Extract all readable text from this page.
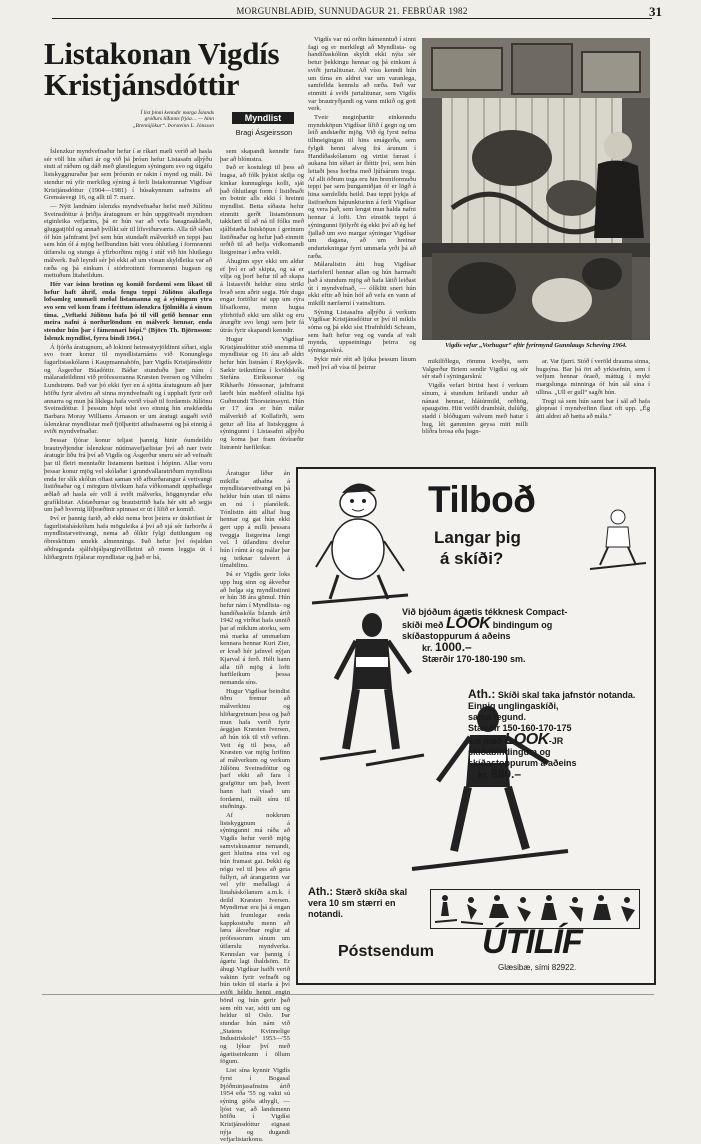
MORGUNBLAÐIÐ, SUNNUDAGUR 21. FEBRÚAR 1982	31
Listakonan Vigdís Kristjánsdóttir
Í list þinni kenndir marga Íslands gróðurs liðanns frjóa… — hinn „Brennijökur“. Þorsteinn L. Jónsson
Myndlist
Bragi Ásgeirsson

Íslenzkur myndvefnaður hefur í æ ríkari mæli verið að hasla sér völl hin síðari ár og við þá þróun hefur Listasafn alþýðu stutt af ráðum og dáð með glæsilegum sýningum svo og útgáfu listskyggnuraðar þar sem þróunin er rakin í mynd og máli. Þá stendur nú yfir merkileg sýning á ferli listakonunnar Vigdísar Kristjánsdóttur (1904—1981) í húsakynnum safnsins að Grensásvegi 16, og allt til 7. marz.

— Nýtt landnám íslenzks myndvefnaðar hefst með Júlíönu Sveinsdóttur á þriðja áratugnum er hún uppgötvaði myndræn eiginleika vefjarins, þá er hún var að vefa bæagnaáklæði, gluggatjöld og annað þvílíkt sér til lífsviðurværis. Alla tíð síðan óf hún jafnframt því sem hún stundaði málverkið en teppi þau sem hún óf á mjög heflbundinn hátt voru óhlutlæg í formrænni útfærslu og stungu á yfirborðinu mjög í stúf við hin hlutlægu málverk. Það leyndi sér þó ekki að um vissan skyldleika var að ræða og þá einkum í stórbrotinni formrænni hugsun og mettuðum litaheildum.

Hér var ísinn brotinn og komið fordæmi sem líkast til hefur haft áhrif, enda fengu teppi Júlíönu ákaflega lofsamleg ummæli meðal listamanna og á sýningum ytra svo sem vel kom fram í fréttum íslenzkra fjölmiðla á sínum tíma. „Veftæki Júlíönu hafa þó til vill getið hennar enn meira nafni á norðurlöndum en málverk hennar, enda stendur hún þar í fámennari hópi.“ (Björn Th. Björnsson: Íslenzk myndlist, fyrra bindi 1964.)

Á fjórða áratugnum, að lokinni heimsstyrjöldinni síðari, sigla svo tvær konur til myndlistarnáms við Konunglega fagurlistaskólann í Kaupmannahöfn, þær Vigdís Kristjánsdóttir og Ásgerður Búadóttir. Báðar stunduðu þær nám í málaradeildinni við prófessoranna Kræsten Iversen og Vilhelm Lundstrøm. Það var þó ekki fyrr en á sjötta áratugnum að þær höfðu fyrir alvöru að sinna myndvefnaði og í upphafi fyrir orð annarra og mun þá líklega hafa verið vísað til fordæmis Júlíönu Sveinsdóttur. Í þessum hópi telst svo einnig hin enskfædda Barbara Moray Williams Árnason er um áratugi augaði svið íslenzkrar myndlistar með fjölþættri athafnasemi og þá einnig á sviði myndvefnaðar.

Þessar fjórar konur teljast þannig hinir óumdeildu brautryðjendur íslenzkrar nútímavefjarlistar því að nær tveir áratugir liðu frá því að Vigdís og Ásgerður sneru sér að vefnaði þar til fleiri menntaðir listamenn bættust í hópinn. Allar voru þessar konur mjög vel skólaðar í grundvallaratriðum myndlista enda fer slík skólun oftast saman við afburðarangur á vettvangi listiðnaðar og í mörgum tilvikum hafa víðkomandi upphaflega æðlað að hasla sér völl á sviði málverks, höggmyndar eða grafíklistar. Afstæðurnar og brautstritið hafa hér sitt að segja um það hvernig lífþræðinir spinnast er út í lífið er komið.

Því er þannig farið, að ekki nema brot þeirra er útskrifast úr fagurlistaháskólum hafa möguleika á því að sjá sér farborða á myndlistarvettvangi, nema að ólíkir fylgi duttlungum og óbreskötum smekk almennings. Það hefur því ósjaldan aðdraganda sjálfshjálpargirvöllleitni að menn leggja út í hliðargrein frjálsrar myndlistar og það er bá,

sem skapandi kenndir fara þar að blómstra.

Það er kostulegt til þess að hugsa, að fólk þykist skilja og kinkar kunnuglega kolli, sjái það óhlutlægt form í listiðnaði en botnir alls ekki í hreinni myndlist. Betta síðasta hefur einmitt gerðt listamönnum takkfært til að ná til fólks með sjálfstæða listsköpun í greinum listiðnaðar og hefur það einmitt orðið til að hefja vídkomandi listgreinar í æðra veldi.

Áhuginn spyr ekki um aldur ef því er að skipta, og sá er vilja og þorf hefur til að skapa á listasviði heldur einu striki hvað sem aðrir segja. Hér duga engar fortölur né upp um rýra lífsafkomu, menn hugsa yfirhöfuð ekki um slíkt og eru ánægðir svo lengi sem þeir fá útrás fyrir skapandi kenndir.

Hugur Vigdísar Kristjánsdóttur stóð snemma til myndlistar og 16 ára að aldri hefur hún listnám í Reykjavík. Sækir teiknitíma í kvöldskóla Stefáns Eiríkssonar og Ríkharðs Jónssonar, jafnframt lærði hún meðferð olíulita hjá Guðmundi Thorsteinssyni. Hún er 17 ára er hún málar málverkið af Kollafirði, sem getur að líta af listskyggnu á sýningunni í Listasafni alþýðu og koma þar fram ótvíræðir listrænir hæfileikar.

Áratugur líður án mikilla athafna á myndlistarvettvangi en þá heldur hún utan til náms en nú í píanóleik. Tónlistin átti alltaf hug hennar og gat hún ekki gert upp á milli þessara tveggja listgreina lengi vel. Í útlandinu dvelur hún í rúmt ár og málar þar og teiknar talsvert á tímabilinu.

Þá er Vigdís gerir loks upp hug sinn og ákveður að helga sig myndlistinni er hún 38 ára gömul. Hún hefur nám í Myndlista- og handíðaskóla Íslands árið 1942 og virðist hafa unnið þar af miklum atorku, sem má marka af ummælum kennara hennar Kurt Zier, er kvað hér jafnvel nýjan Kjarval á ferð. Hélt hann alla tíð mjög á lofti hæfileikum þessa nemanda síns.

Hugur Vigdísar beindist öðru fremur að málverkinu og hliðargreinum þess og það mun hafa verið fyrir áeggjan Kræsten Iversen, að hún tók til við vefinn. Veit ég til þess, að Kræsten var mjög hrifinn af málverkum og verkum Júlíönu Sveinsdóttur og þarf ekki að fara í grafgötur um það, hvert hann hafi vísað um fordæmi, máli sínu til stuðnings.

Af nokkrum listskyggnum á sýningunni má ráða að Vigdís hefur verið mjög samviskusamur nemandi, gert hlutina eins vel og hún framast gat. Þekki ég nógu vel til þess að geta fullyrt, að árangurinn var vel yfir meðallagi á listaháskólanum a.m.k. í deild Kræsten Iversen. Myndirnar eru þá á engan hátt frumlegar enda kappkostuðu menn að læra ákveðnar reglur af prófessorum sínum um útfærslu myndverka. Kennslan var þannig í ágætu lagi íhaldsöm. Er áhugi Vigdísar hafði verið vakinn fyrir vefnaði og hún tekin til starfa á því sviði héldu henni engin bönd og hún gerir það sem rétt var, sótti um og heldur til Oslo. Þar stundar hún nám við „Statens Kvinnelige Industriskole“ 1953—'55 og lýkur því með ágætiseinkunn í öllum fögum.

List sína kynnir Vigdís fyrst í Bogasal Þjóðminjasafnsins árið 1954 eða '55 og vakti sú sýning góða athygli, — ljóst var, að landsmenn höfðu í Vigdísi Kristjánsdóttur eignast nýja og dugandi vefjarlistarkonu.

Vigdís var nú orðin hámenntuð í sinni fagi og er merkilegt að Myndlista- og handíðaskólinn skyldi ekki nýta sér betur þekkingu hennar og þá einkum á sviði jurtalitunar. Að vísu kenndi hún um tíma en aldrei var um varanlega, samfellda kennslu að ræða. Það var einmitt á sviði jurtalitunar, sem Vigdís var brautryðjandi og vann mikið og gott verk.

Tveir meginþættir einkenndu myndsköpun Vigdísar lífið í gegn og um leið andstæðir mjög. Við ég fyrst nefna tilhneigingun til hins smágerða, sem fylgdi henni alveg frá árunum í Handíðaskólanum og virtist færast í aukana hin síðari ár fléttir því, sem hún leitaði þess horfna með ljúfsárum trega. Af allt öðrum toga eru hin breniformuðu teppi þar sem þungamiðjan óf er lögð á hina samfelldu heild. Þau teppi þykja af listfræðum hápunkturinn á ferli Vigdísar og vera það, sem lengst mun halda nafni hennar á lofti. Um einstök teppi á sýningunni fjölyrði ég ekki því að ég hef fjallað um svo margar sýningar Vigdísar um dagana, að um hreinar endurtekningar fyrri ummæla yrði þá að ræða.

Málaralistin átti hug Vigdísar starfsferil hennar allan og hún harmaði það á stundum mjög að hafa látið leiðast út í myndvefnað, — ólíklitt sneri hún ekki eftir að hún hóf að vefa en vann af mikilli nærfærni í vatnslitum.

Sýning Listasafns alþýðu á verkum Vigdísar Kristjánsdóttur er því til mikils sóma og þá ekki síst Hrafnhildi Schram, sem haft hefur veg og vanda af vali mynda, uppsetningu þeirra og sýningarskrá.

Þykir mér rétt að ljúka þessum línum með því að vísa til þeirrar

Vigdís vefur „Vorhugur“ eftir fyrirmynd Gunnlaugs Scheving 1964.

mikilfðlegu, römmu kveðju, sem Valgerður Briem sendir Vigdísi og sér sér stað í sýningarskrá:

Vigdís vefari birtist hest í verkum sínum, á stundum hrífandi undur að nánast hennar, hlátúrmild, orðhög, spaugsöm. Hitt veifði drambiát, dulúðg, stadd í blóðugum valvum með hatur í hug, lét gamminn geysa mitt milli blíðra brosa eða þagn-

ar. Var fjarri. Stóð í veröld drauma sinna, hugsýna. Bar þá ört að yrkisefnin, sem í vefjum hennar óraeð, máttug í mykt margslunga minninga óf hún sál sína í ullina. „Ull er gull“ sagði hún.

Tregi sá sem hún samt bar í sál að hafa gloprast í myndvefinn flaut oft upp. „Ég átti aldrei að hætta að mála.“

Tilboð
Langar þig
á skíði?
Við bjóðum ágætis tékknesk Compact-
skíði með LOOK bindingum og
skíðastoppurum á aðeins
kr. 1000.–
Stærðir 170-180-190 sm.
Ath.: Skíði skal taka jafnstór notanda.
Einnig unglingaskíði,
sama tegund.
Stærðir 150-160-170-175
sm með LOOK-JR
skíðabindingum og
skíðastoppurum á aðeins
kr. 880.–
Ath.: Stærð skíða skal vera 10 sm stærri en notandi.
Póstsendum ÚTILÍF
Glæsibæ, sími 82922.
